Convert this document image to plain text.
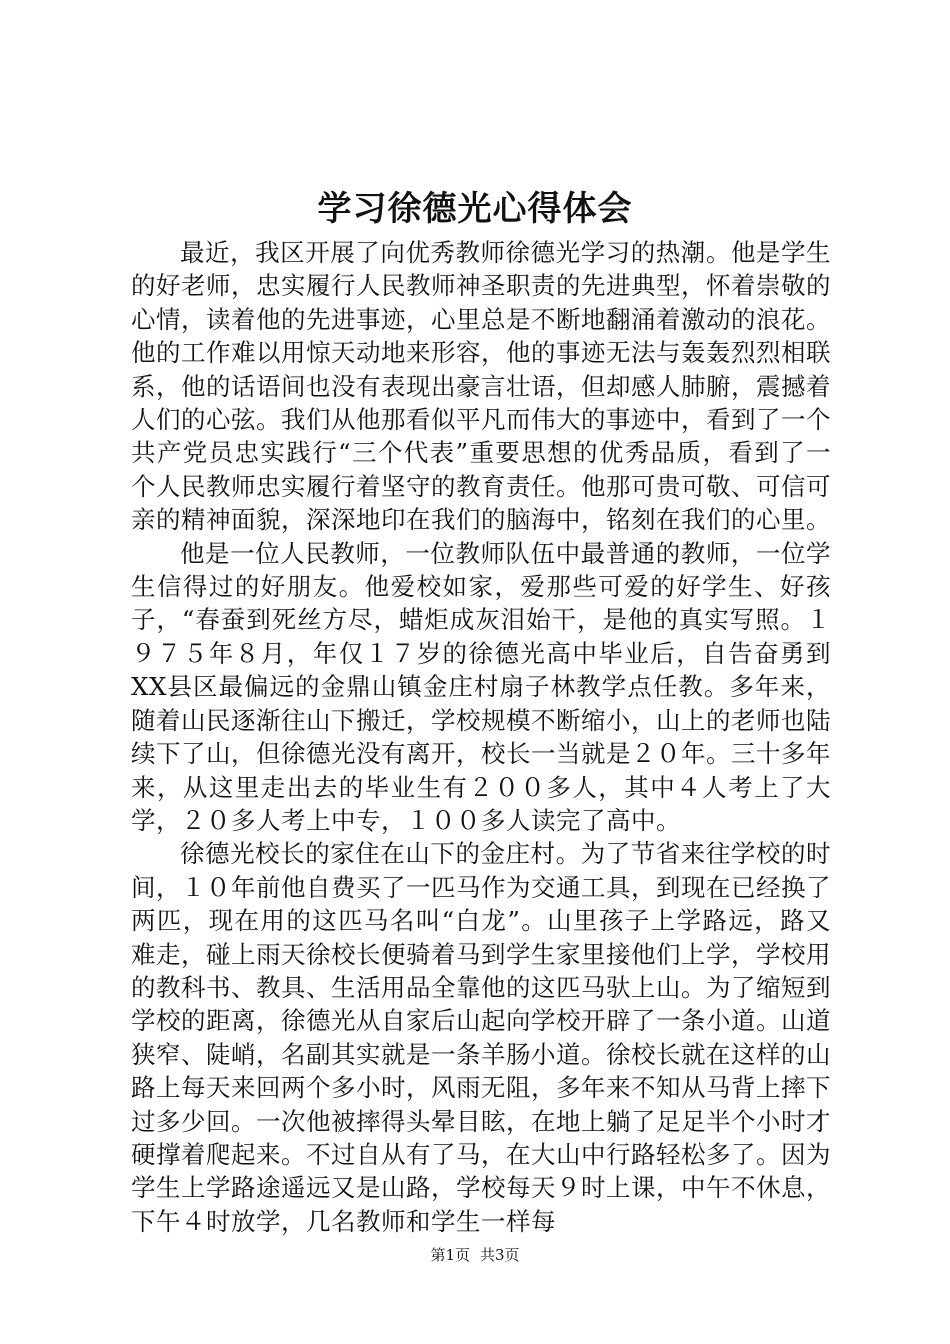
学习徐德光心得体会

最近，我区开展了向优秀教师徐德光学习的热潮。他是学生的好老师，忠实履行人民教师神圣职责的先进典型，怀着崇敬的心情，读着他的先进事迹，心里总是不断地翻涌着激动的浪花。他的工作难以用惊天动地来形容，他的事迹无法与轰轰烈烈相联系，他的话语间也没有表现出豪言壮语，但却感人肺腑，震撼着人们的心弦。我们从他那看似平凡而伟大的事迹中，看到了一个共产党员忠实践行“三个代表”重要思想的优秀品质，看到了一个人民教师忠实履行着坚守的教育责任。他那可贵可敬、可信可亲的精神面貌，深深地印在我们的脑海中，铭刻在我们的心里。

他是一位人民教师，一位教师队伍中最普通的教师，一位学生信得过的好朋友。他爱校如家，爱那些可爱的好学生、好孩子，“春蚕到死丝方尽，蜡炬成灰泪始干，是他的真实写照。１９７５年８月，年仅１７岁的徐德光高中毕业后，自告奋勇到XX县区最偏远的金鼎山镇金庄村扇子林教学点任教。多年来，随着山民逐渐往山下搬迁，学校规模不断缩小，山上的老师也陆续下了山，但徐德光没有离开，校长一当就是２０年。三十多年来，从这里走出去的毕业生有２００多人，其中４人考上了大学，２０多人考上中专，１００多人读完了高中。

徐德光校长的家住在山下的金庄村。为了节省来往学校的时间，１０年前他自费买了一匹马作为交通工具，到现在已经换了两匹，现在用的这匹马名叫“白龙”。山里孩子上学路远，路又难走，碰上雨天徐校长便骑着马到学生家里接他们上学，学校用的教科书、教具、生活用品全靠他的这匹马驮上山。为了缩短到学校的距离，徐德光从自家后山起向学校开辟了一条小道。山道狭窄、陡峭，名副其实就是一条羊肠小道。徐校长就在这样的山路上每天来回两个多小时，风雨无阻，多年来不知从马背上摔下过多少回。一次他被摔得头晕目眩，在地上躺了足足半个小时才硬撑着爬起来。不过自从有了马，在大山中行路轻松多了。因为学生上学路途遥远又是山路，学校每天９时上课，中午不休息，下午４时放学，几名教师和学生一样每

第1页 共3页
